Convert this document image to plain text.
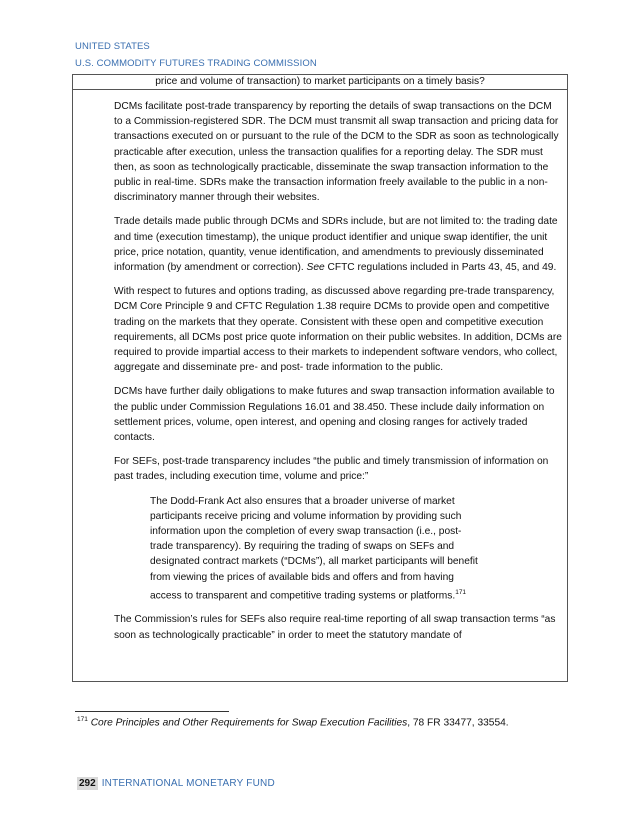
UNITED STATES
U.S. COMMODITY FUTURES TRADING COMMISSION
price and volume of transaction) to market participants on a timely basis?

DCMs facilitate post-trade transparency by reporting the details of swap transactions on the DCM to a Commission-registered SDR. The DCM must transmit all swap transaction and pricing data for transactions executed on or pursuant to the rule of the DCM to the SDR as soon as technologically practicable after execution, unless the transaction qualifies for a reporting delay. The SDR must then, as soon as technologically practicable, disseminate the swap transaction information to the public in real-time. SDRs make the transaction information freely available to the public in a non-discriminatory manner through their websites.

Trade details made public through DCMs and SDRs include, but are not limited to: the trading date and time (execution timestamp), the unique product identifier and unique swap identifier, the unit price, price notation, quantity, venue identification, and amendments to previously disseminated information (by amendment or correction). See CFTC regulations included in Parts 43, 45, and 49.

With respect to futures and options trading, as discussed above regarding pre-trade transparency, DCM Core Principle 9 and CFTC Regulation 1.38 require DCMs to provide open and competitive trading on the markets that they operate. Consistent with these open and competitive execution requirements, all DCMs post price quote information on their public websites. In addition, DCMs are required to provide impartial access to their markets to independent software vendors, who collect, aggregate and disseminate pre- and post- trade information to the public.

DCMs have further daily obligations to make futures and swap transaction information available to the public under Commission Regulations 16.01 and 38.450. These include daily information on settlement prices, volume, open interest, and opening and closing ranges for actively traded contacts.

For SEFs, post-trade transparency includes “the public and timely transmission of information on past trades, including execution time, volume and price:”

The Dodd-Frank Act also ensures that a broader universe of market participants receive pricing and volume information by providing such information upon the completion of every swap transaction (i.e., post-trade transparency). By requiring the trading of swaps on SEFs and designated contract markets (“DCMs”), all market participants will benefit from viewing the prices of available bids and offers and from having access to transparent and competitive trading systems or platforms.$^{171}$

The Commission’s rules for SEFs also require real-time reporting of all swap transaction terms “as soon as technologically practicable” in order to meet the statutory mandate of

$^{171}$ Core Principles and Other Requirements for Swap Execution Facilities, 78 FR 33477, 33554.
292 INTERNATIONAL MONETARY FUND
